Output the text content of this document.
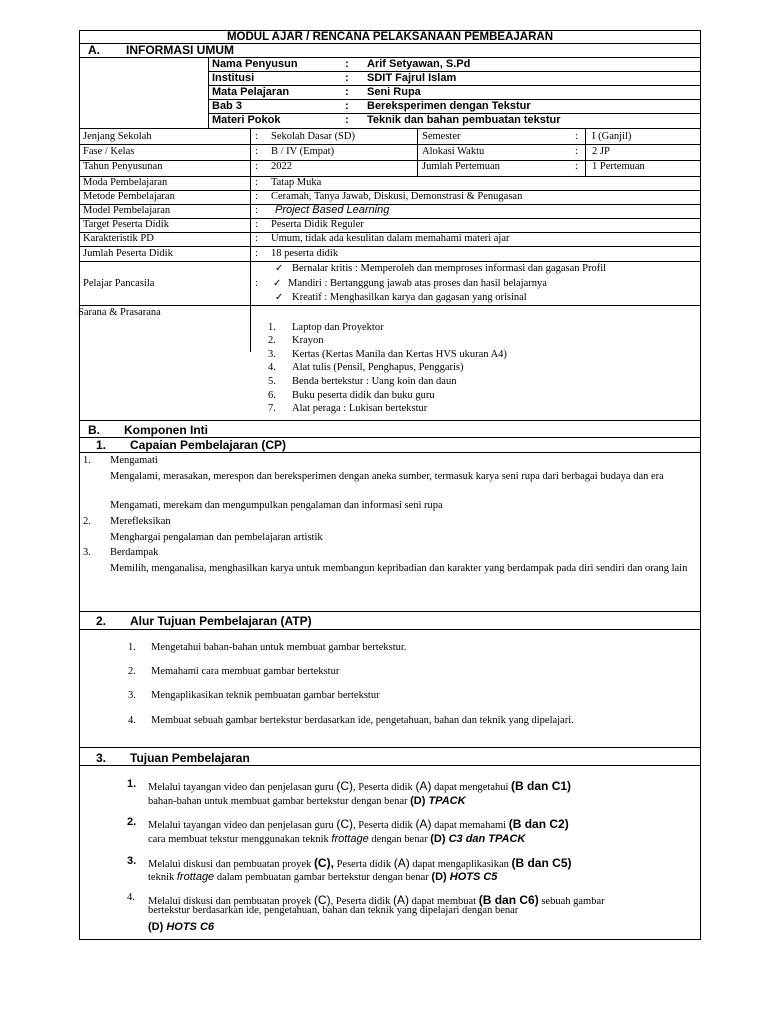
MODUL AJAR / RENCANA PELAKSANAAN PEMBEAJARAN
A. INFORMASI UMUM
Nama Penyusun	: Arif Setyawan, S.Pd
Institusi	: SDIT Fajrul Islam
Mata Pelajaran	: Seni Rupa
Bab 3	: Bereksperimen dengan Tekstur
Materi Pokok	: Teknik dan bahan pembuatan tekstur
Jenjang Sekolah	: Sekolah Dasar (SD)	Semester	: I (Ganjil)
Fase / Kelas	: B / IV (Empat)	Alokasi Waktu	: 2 JP
Tahun Penyusunan	: 2022	Jumlah Pertemuan	: 1 Pertemuan
Moda Pembelajaran	: Tatap Muka
Metode Pembelajaran	: Ceramah, Tanya Jawab, Diskusi, Demonstrasi & Penugasan
Model Pembelajaran	: Project Based Learning
Target Peserta Didik	: Peserta Didik Reguler
Karakteristik PD	: Umum, tidak ada kesulitan dalam memahami materi ajar
Jumlah Peserta Didik	: 18 peserta didik
Pelajar Pancasila	:
✓ Bernalar kritis : Memperoleh dan memproses informasi dan gagasan Profil
✓ Mandiri : Bertanggung jawab atas proses dan hasil belajarnya
✓ Kreatif : Menghasilkan karya dan gagasan yang orisinal
Sarana & Prasarana
1. Laptop dan Proyektor
2. Krayon
3. Kertas (Kertas Manila dan Kertas HVS ukuran A4)
4. Alat tulis (Pensil, Penghapus, Penggaris)
5. Benda bertekstur : Uang koin dan daun
6. Buku peserta didik dan buku guru
7. Alat peraga : Lukisan bertekstur
B. Komponen Inti
1. Capaian Pembelajaran (CP)
1. Mengamati
Mengalami, merasakan, merespon dan bereksperimen dengan aneka sumber, termasuk karya seni rupa dari berbagai budaya dan era
Mengamati, merekam dan mengumpulkan pengalaman dan informasi seni rupa
2. Merefleksikan
Menghargai pengalaman dan pembelajaran artistik
3. Berdampak
Memilih, menganalisa, menghasilkan karya untuk membangun kepribadian dan karakter yang berdampak pada diri sendiri dan orang lain
2. Alur Tujuan Pembelajaran (ATP)
1. Mengetahui bahan-bahan untuk membuat gambar bertekstur.
2. Memahami cara membuat gambar bertekstur
3. Mengaplikasikan teknik pembuatan gambar bertekstur
4. Membuat sebuah gambar bertekstur berdasarkan ide, pengetahuan, bahan dan teknik yang dipelajari.
3. Tujuan Pembelajaran
1. Melalui tayangan video dan penjelasan guru (C), Peserta didik (A) dapat mengetahui (B dan C1)
bahan-bahan untuk membuat gambar bertekstur dengan benar (D) TPACK
2. Melalui tayangan video dan penjelasan guru (C), Peserta didik (A) dapat memahami (B dan C2)
cara membuat tekstur menggunakan teknik frottage dengan benar (D) C3 dan TPACK
3. Melalui diskusi dan pembuatan proyek (C), Peserta didik (A) dapat mengaplikasikan (B dan C5)
teknik frottage dalam pembuatan gambar bertekstur dengan benar (D) HOTS C5
4. Melalui diskusi dan pembuatan proyek (C), Peserta didik (A) dapat membuat (B dan C6) sebuah gambar
bertekstur berdasarkan ide, pengetahuan, bahan dan teknik yang dipelajari dengan benar
(D) HOTS C6
